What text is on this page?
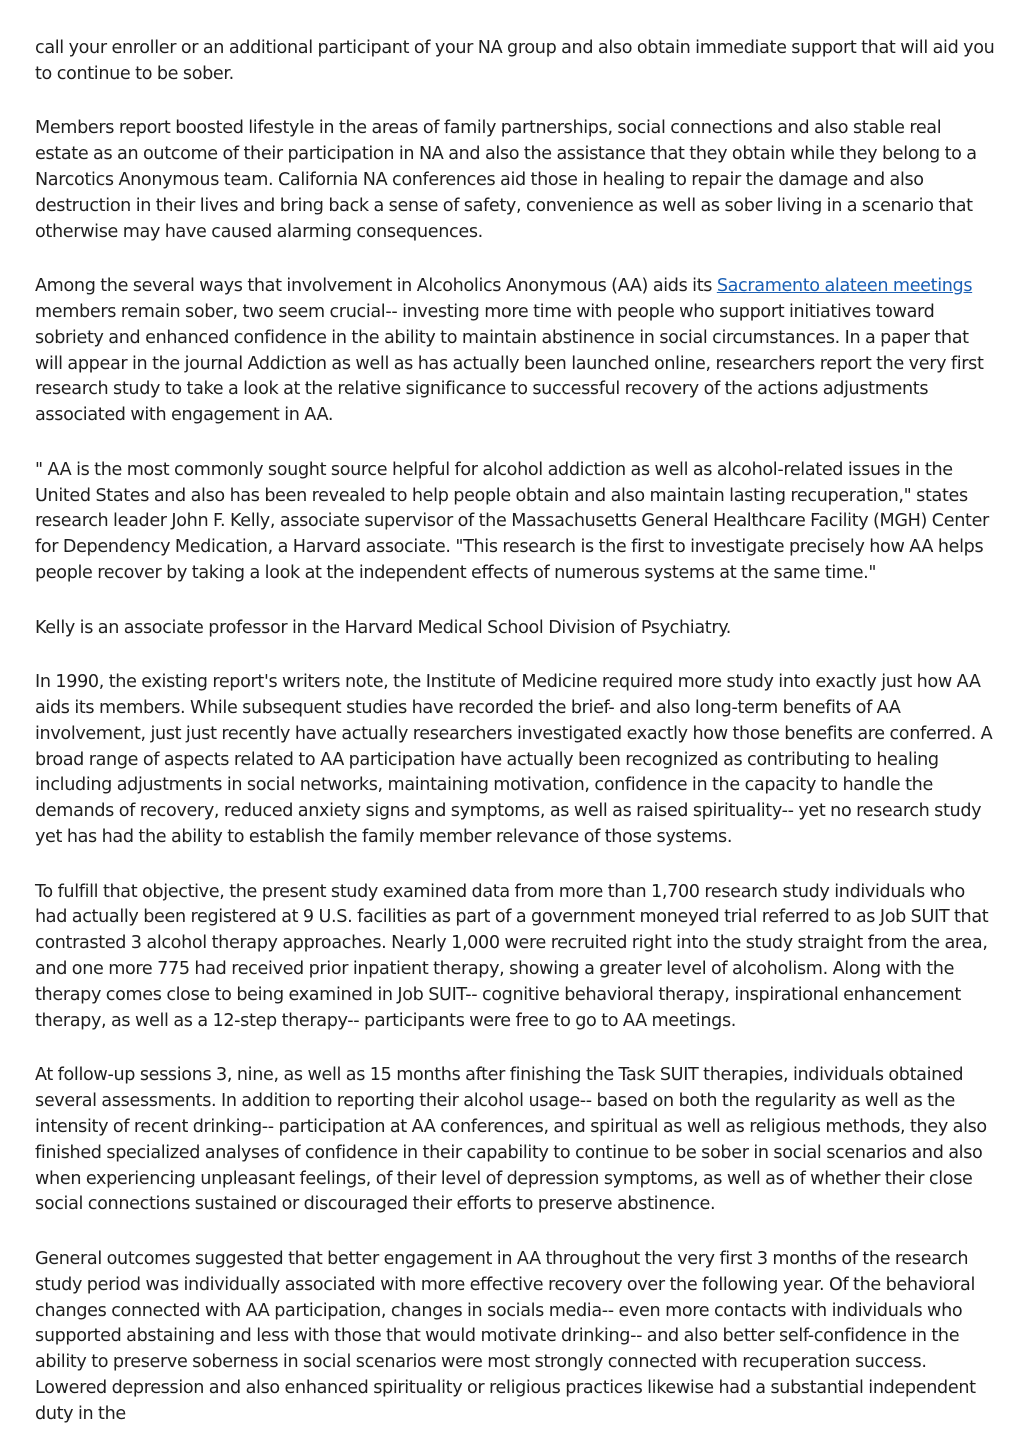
call your enroller or an additional participant of your NA group and also obtain immediate support that will aid you to continue to be sober.

Members report boosted lifestyle in the areas of family partnerships, social connections and also stable real estate as an outcome of their participation in NA and also the assistance that they obtain while they belong to a Narcotics Anonymous team. California NA conferences aid those in healing to repair the damage and also destruction in their lives and bring back a sense of safety, convenience as well as sober living in a scenario that otherwise may have caused alarming consequences.

Among the several ways that involvement in Alcoholics Anonymous (AA) aids its Sacramento alateen meetings members remain sober, two seem crucial-- investing more time with people who support initiatives toward sobriety and enhanced confidence in the ability to maintain abstinence in social circumstances. In a paper that will appear in the journal Addiction as well as has actually been launched online, researchers report the very first research study to take a look at the relative significance to successful recovery of the actions adjustments associated with engagement in AA.

" AA is the most commonly sought source helpful for alcohol addiction as well as alcohol-related issues in the United States and also has been revealed to help people obtain and also maintain lasting recuperation," states research leader John F. Kelly, associate supervisor of the Massachusetts General Healthcare Facility (MGH) Center for Dependency Medication, a Harvard associate. "This research is the first to investigate precisely how AA helps people recover by taking a look at the independent effects of numerous systems at the same time."

Kelly is an associate professor in the Harvard Medical School Division of Psychiatry.

In 1990, the existing report's writers note, the Institute of Medicine required more study into exactly just how AA aids its members. While subsequent studies have recorded the brief- and also long-term benefits of AA involvement, just just recently have actually researchers investigated exactly how those benefits are conferred. A broad range of aspects related to AA participation have actually been recognized as contributing to healing including adjustments in social networks, maintaining motivation, confidence in the capacity to handle the demands of recovery, reduced anxiety signs and symptoms, as well as raised spirituality-- yet no research study yet has had the ability to establish the family member relevance of those systems.

To fulfill that objective, the present study examined data from more than 1,700 research study individuals who had actually been registered at 9 U.S. facilities as part of a government moneyed trial referred to as Job SUIT that contrasted 3 alcohol therapy approaches. Nearly 1,000 were recruited right into the study straight from the area, and one more 775 had received prior inpatient therapy, showing a greater level of alcoholism. Along with the therapy comes close to being examined in Job SUIT-- cognitive behavioral therapy, inspirational enhancement therapy, as well as a 12-step therapy-- participants were free to go to AA meetings.

At follow-up sessions 3, nine, as well as 15 months after finishing the Task SUIT therapies, individuals obtained several assessments. In addition to reporting their alcohol usage-- based on both the regularity as well as the intensity of recent drinking-- participation at AA conferences, and spiritual as well as religious methods, they also finished specialized analyses of confidence in their capability to continue to be sober in social scenarios and also when experiencing unpleasant feelings, of their level of depression symptoms, as well as of whether their close social connections sustained or discouraged their efforts to preserve abstinence.

General outcomes suggested that better engagement in AA throughout the very first 3 months of the research study period was individually associated with more effective recovery over the following year. Of the behavioral changes connected with AA participation, changes in socials media-- even more contacts with individuals who supported abstaining and less with those that would motivate drinking-- and also better self-confidence in the ability to preserve soberness in social scenarios were most strongly connected with recuperation success. Lowered depression and also enhanced spirituality or religious practices likewise had a substantial independent duty in the
